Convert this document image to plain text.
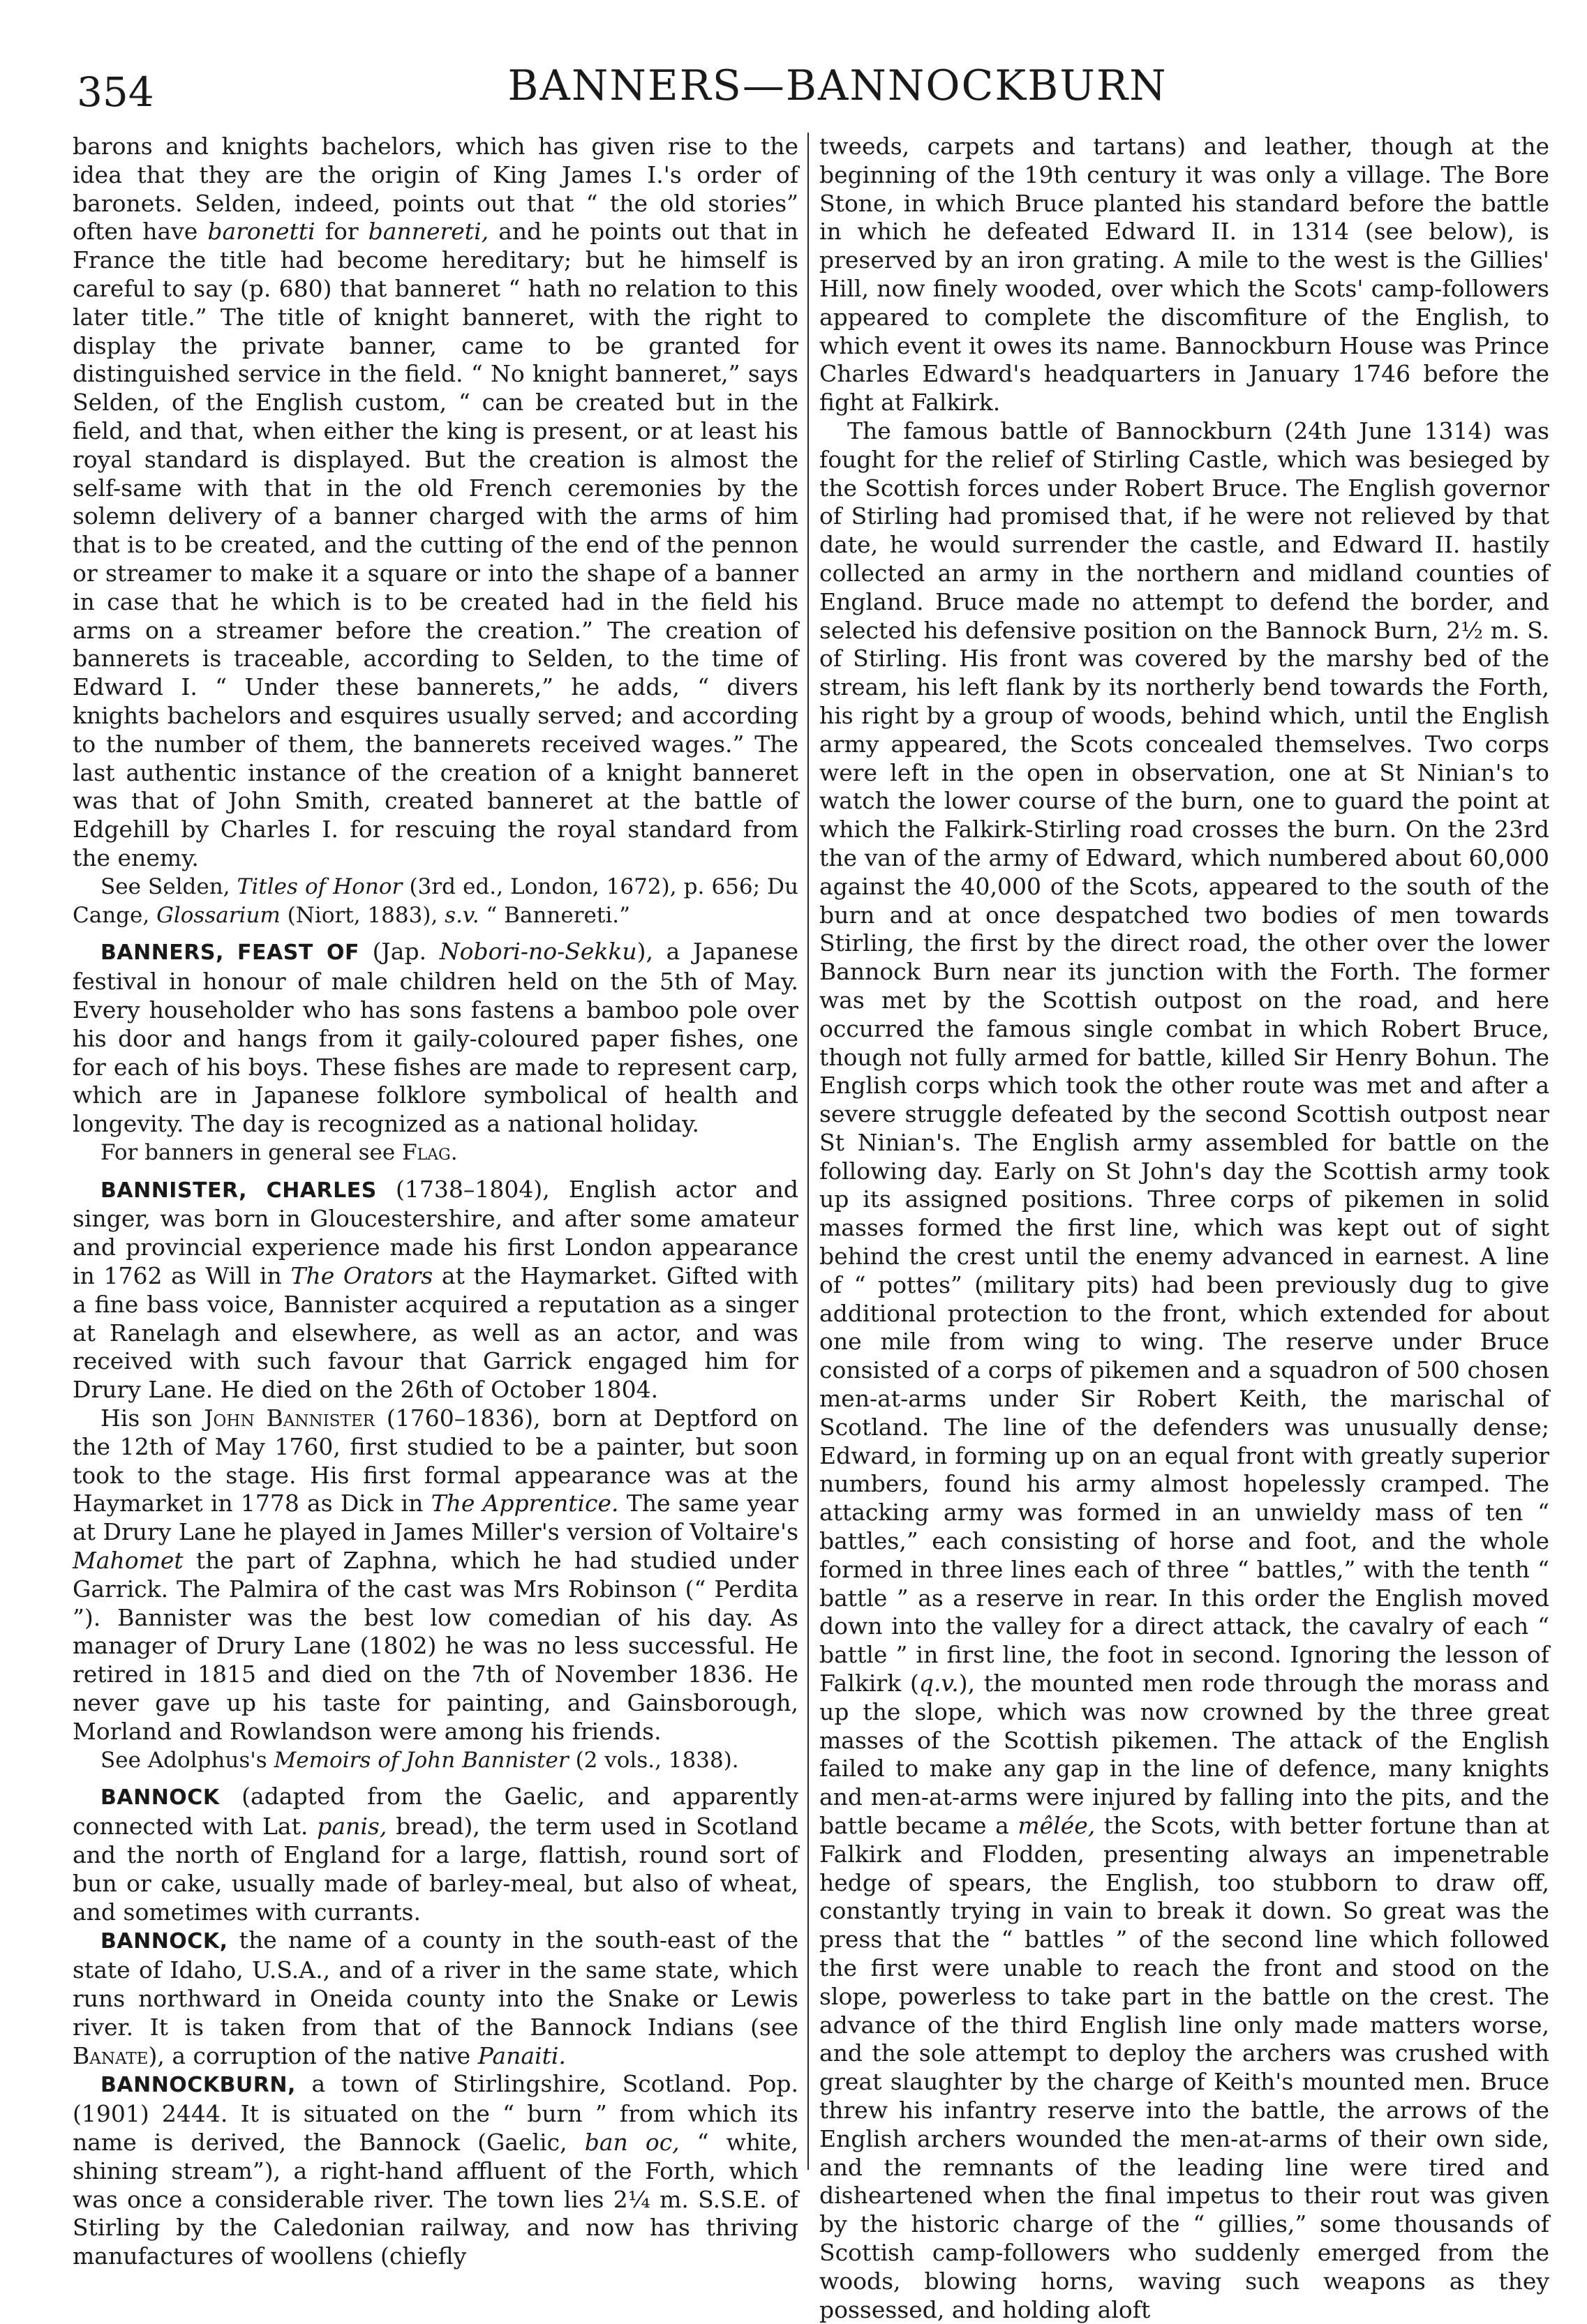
354	BANNERS—BANNOCKBURN

barons and knights bachelors, which has given rise to the idea that they are the origin of King James I.'s order of baronets. Selden, indeed, points out that “ the old stories” often have baronetti for bannereti, and he points out that in France the title had become hereditary; but he himself is careful to say (p. 680) that banneret “ hath no relation to this later title.” The title of knight banneret, with the right to display the private banner, came to be granted for distinguished service in the field. “ No knight banneret,” says Selden, of the English custom, “ can be created but in the field, and that, when either the king is present, or at least his royal standard is displayed. But the creation is almost the self-same with that in the old French ceremonies by the solemn delivery of a banner charged with the arms of him that is to be created, and the cutting of the end of the pennon or streamer to make it a square or into the shape of a banner in case that he which is to be created had in the field his arms on a streamer before the creation.” The creation of bannerets is traceable, according to Selden, to the time of Edward I. “ Under these bannerets,” he adds, “ divers knights bachelors and esquires usually served; and according to the number of them, the bannerets received wages.” The last authentic instance of the creation of a knight banneret was that of John Smith, created banneret at the battle of Edgehill by Charles I. for rescuing the royal standard from the enemy.

See Selden, Titles of Honor (3rd ed., London, 1672), p. 656; Du Cange, Glossarium (Niort, 1883), s.v. “ Bannereti.”

BANNERS, FEAST OF (Jap. Nobori-no-Sekku), a Japanese festival in honour of male children held on the 5th of May. Every householder who has sons fastens a bamboo pole over his door and hangs from it gaily-coloured paper fishes, one for each of his boys. These fishes are made to represent carp, which are in Japanese folklore symbolical of health and longevity. The day is recognized as a national holiday.

For banners in general see Flag.

BANNISTER, CHARLES (1738–1804), English actor and singer, was born in Gloucestershire, and after some amateur and provincial experience made his first London appearance in 1762 as Will in The Orators at the Haymarket. Gifted with a fine bass voice, Bannister acquired a reputation as a singer at Ranelagh and elsewhere, as well as an actor, and was received with such favour that Garrick engaged him for Drury Lane. He died on the 26th of October 1804.

His son John Bannister (1760–1836), born at Deptford on the 12th of May 1760, first studied to be a painter, but soon took to the stage. His first formal appearance was at the Haymarket in 1778 as Dick in The Apprentice. The same year at Drury Lane he played in James Miller's version of Voltaire's Mahomet the part of Zaphna, which he had studied under Garrick. The Palmira of the cast was Mrs Robinson (“ Perdita ”). Bannister was the best low comedian of his day. As manager of Drury Lane (1802) he was no less successful. He retired in 1815 and died on the 7th of November 1836. He never gave up his taste for painting, and Gainsborough, Morland and Rowlandson were among his friends.

See Adolphus's Memoirs of John Bannister (2 vols., 1838).

BANNOCK (adapted from the Gaelic, and apparently connected with Lat. panis, bread), the term used in Scotland and the north of England for a large, flattish, round sort of bun or cake, usually made of barley-meal, but also of wheat, and sometimes with currants.

BANNOCK, the name of a county in the south-east of the state of Idaho, U.S.A., and of a river in the same state, which runs northward in Oneida county into the Snake or Lewis river. It is taken from that of the Bannock Indians (see Banate), a corruption of the native Panaiti.

BANNOCKBURN, a town of Stirlingshire, Scotland. Pop. (1901) 2444. It is situated on the “ burn ” from which its name is derived, the Bannock (Gaelic, ban oc, “ white, shining stream”), a right-hand affluent of the Forth, which was once a considerable river. The town lies 2¼ m. S.S.E. of Stirling by the Caledonian railway, and now has thriving manufactures of woollens (chiefly

tweeds, carpets and tartans) and leather, though at the beginning of the 19th century it was only a village. The Bore Stone, in which Bruce planted his standard before the battle in which he defeated Edward II. in 1314 (see below), is preserved by an iron grating. A mile to the west is the Gillies' Hill, now finely wooded, over which the Scots' camp-followers appeared to complete the discomfiture of the English, to which event it owes its name. Bannockburn House was Prince Charles Edward's headquarters in January 1746 before the fight at Falkirk.

The famous battle of Bannockburn (24th June 1314) was fought for the relief of Stirling Castle, which was besieged by the Scottish forces under Robert Bruce. The English governor of Stirling had promised that, if he were not relieved by that date, he would surrender the castle, and Edward II. hastily collected an army in the northern and midland counties of England. Bruce made no attempt to defend the border, and selected his defensive position on the Bannock Burn, 2½ m. S. of Stirling. His front was covered by the marshy bed of the stream, his left flank by its northerly bend towards the Forth, his right by a group of woods, behind which, until the English army appeared, the Scots concealed themselves. Two corps were left in the open in observation, one at St Ninian's to watch the lower course of the burn, one to guard the point at which the Falkirk-Stirling road crosses the burn. On the 23rd the van of the army of Edward, which numbered about 60,000 against the 40,000 of the Scots, appeared to the south of the burn and at once despatched two bodies of men towards Stirling, the first by the direct road, the other over the lower Bannock Burn near its junction with the Forth. The former was met by the Scottish outpost on the road, and here occurred the famous single combat in which Robert Bruce, though not fully armed for battle, killed Sir Henry Bohun. The English corps which took the other route was met and after a severe struggle defeated by the second Scottish outpost near St Ninian's. The English army assembled for battle on the following day. Early on St John's day the Scottish army took up its assigned positions. Three corps of pikemen in solid masses formed the first line, which was kept out of sight behind the crest until the enemy advanced in earnest. A line of “ pottes” (military pits) had been previously dug to give additional protection to the front, which extended for about one mile from wing to wing. The reserve under Bruce consisted of a corps of pikemen and a squadron of 500 chosen men-at-arms under Sir Robert Keith, the marischal of Scotland. The line of the defenders was unusually dense; Edward, in forming up on an equal front with greatly superior numbers, found his army almost hopelessly cramped. The attacking army was formed in an unwieldy mass of ten “ battles,” each consisting of horse and foot, and the whole formed in three lines each of three “ battles,” with the tenth “ battle ” as a reserve in rear. In this order the English moved down into the valley for a direct attack, the cavalry of each “ battle ” in first line, the foot in second. Ignoring the lesson of Falkirk (q.v.), the mounted men rode through the morass and up the slope, which was now crowned by the three great masses of the Scottish pikemen. The attack of the English failed to make any gap in the line of defence, many knights and men-at-arms were injured by falling into the pits, and the battle became a mêlée, the Scots, with better fortune than at Falkirk and Flodden, presenting always an impenetrable hedge of spears, the English, too stubborn to draw off, constantly trying in vain to break it down. So great was the press that the “ battles ” of the second line which followed the first were unable to reach the front and stood on the slope, powerless to take part in the battle on the crest. The advance of the third English line only made matters worse, and the sole attempt to deploy the archers was crushed with great slaughter by the charge of Keith's mounted men. Bruce threw his infantry reserve into the battle, the arrows of the English archers wounded the men-at-arms of their own side, and the remnants of the leading line were tired and disheartened when the final impetus to their rout was given by the historic charge of the “ gillies,” some thousands of Scottish camp-followers who suddenly emerged from the woods, blowing horns, waving such weapons as they possessed, and holding aloft
